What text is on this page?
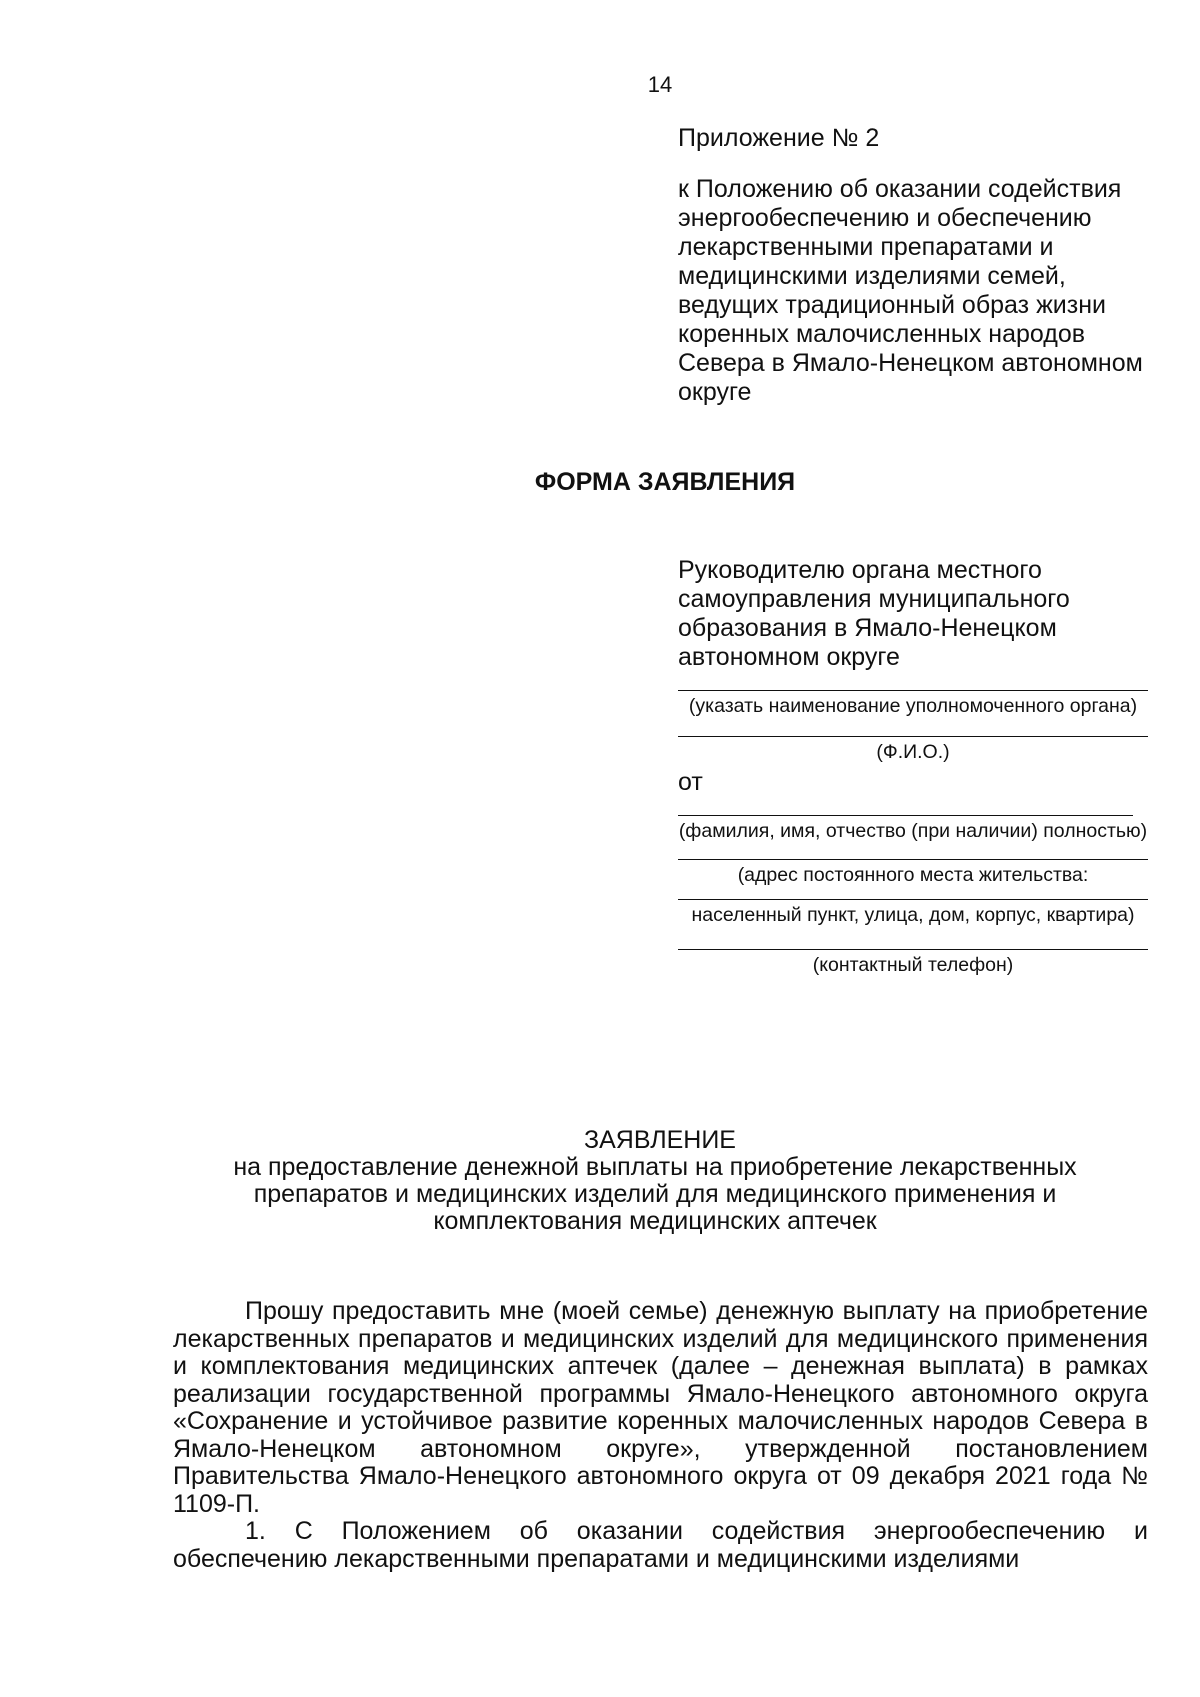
14

Приложение № 2

к Положению об оказании содействия энергообеспечению и обеспечению лекарственными препаратами и медицинскими изделиями семей, ведущих традиционный образ жизни коренных малочисленных народов Севера в Ямало-Ненецком автономном округе

ФОРМА ЗАЯВЛЕНИЯ

Руководителю органа местного самоуправления муниципального образования в Ямало-Ненецком автономном округе

(указать наименование уполномоченного органа)
(Ф.И.О.)
от
(фамилия, имя, отчество (при наличии) полностью)
(адрес постоянного места жительства:
населенный пункт, улица, дом, корпус, квартира)
(контактный телефон)

ЗАЯВЛЕНИЕ

на предоставление денежной выплаты на приобретение лекарственных препаратов и медицинских изделий для медицинского применения и комплектования медицинских аптечек

Прошу предоставить мне (моей семье) денежную выплату на приобретение лекарственных препаратов и медицинских изделий для медицинского применения и комплектования медицинских аптечек (далее – денежная выплата) в рамках реализации государственной программы Ямало-Ненецкого автономного округа «Сохранение и устойчивое развитие коренных малочисленных народов Севера в Ямало-Ненецком автономном округе», утвержденной постановлением Правительства Ямало-Ненецкого автономного округа от 09 декабря 2021 года № 1109-П.

1. С Положением об оказании содействия энергообеспечению и обеспечению лекарственными препаратами и медицинскими изделиями
